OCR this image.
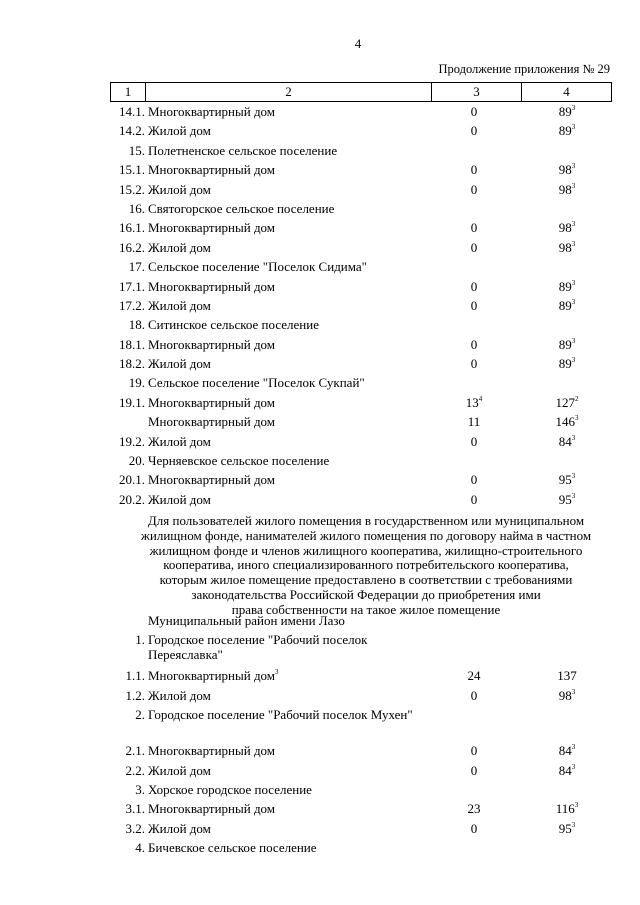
4
Продолжение приложения № 29
1	2	3	4
14.1. Многоквартирный дом	0	$89^3$
14.2. Жилой дом	0	$89^3$
15. Полетненское сельское поселение
15.1. Многоквартирный дом	0	$98^3$
15.2. Жилой дом	0	$98^3$
16. Святогорское сельское поселение
16.1. Многоквартирный дом	0	$98^3$
16.2. Жилой дом	0	$98^3$
17. Сельское поселение "Поселок Сидима"
17.1. Многоквартирный дом	0	$89^3$
17.2. Жилой дом	0	$89^3$
18. Ситинское сельское поселение
18.1. Многоквартирный дом	0	$89^3$
18.2. Жилой дом	0	$89^3$
19. Сельское поселение "Поселок Сукпай"
19.1. Многоквартирный дом	$13^4$	$127^2$
Многоквартирный дом	11	$146^3$
19.2. Жилой дом	0	$84^3$
20. Черняевское сельское поселение
20.1. Многоквартирный дом	0	$95^3$
20.2. Жилой дом	0	$95^3$
Для пользователей жилого помещения в государственном или муниципальном
жилищном фонде, нанимателей жилого помещения по договору найма в частном
жилищном фонде и членов жилищного кооператива, жилищно-строительного
кооператива, иного специализированного потребительского кооператива,
которым жилое помещение предоставлено в соответствии с требованиями
законодательства Российской Федерации до приобретения ими
права собственности на такое жилое помещение
Муниципальный район имени Лазо
1. Городское поселение "Рабочий поселок Переяславка"
1.1. Многоквартирный дом$^3$	24	137
1.2. Жилой дом	0	$98^3$
2. Городское поселение "Рабочий поселок Мухен"
2.1. Многоквартирный дом	0	$84^3$
2.2. Жилой дом	0	$84^3$
3. Хорское городское поселение
3.1. Многоквартирный дом	23	$116^3$
3.2. Жилой дом	0	$95^3$
4. Бичевское сельское поселение
